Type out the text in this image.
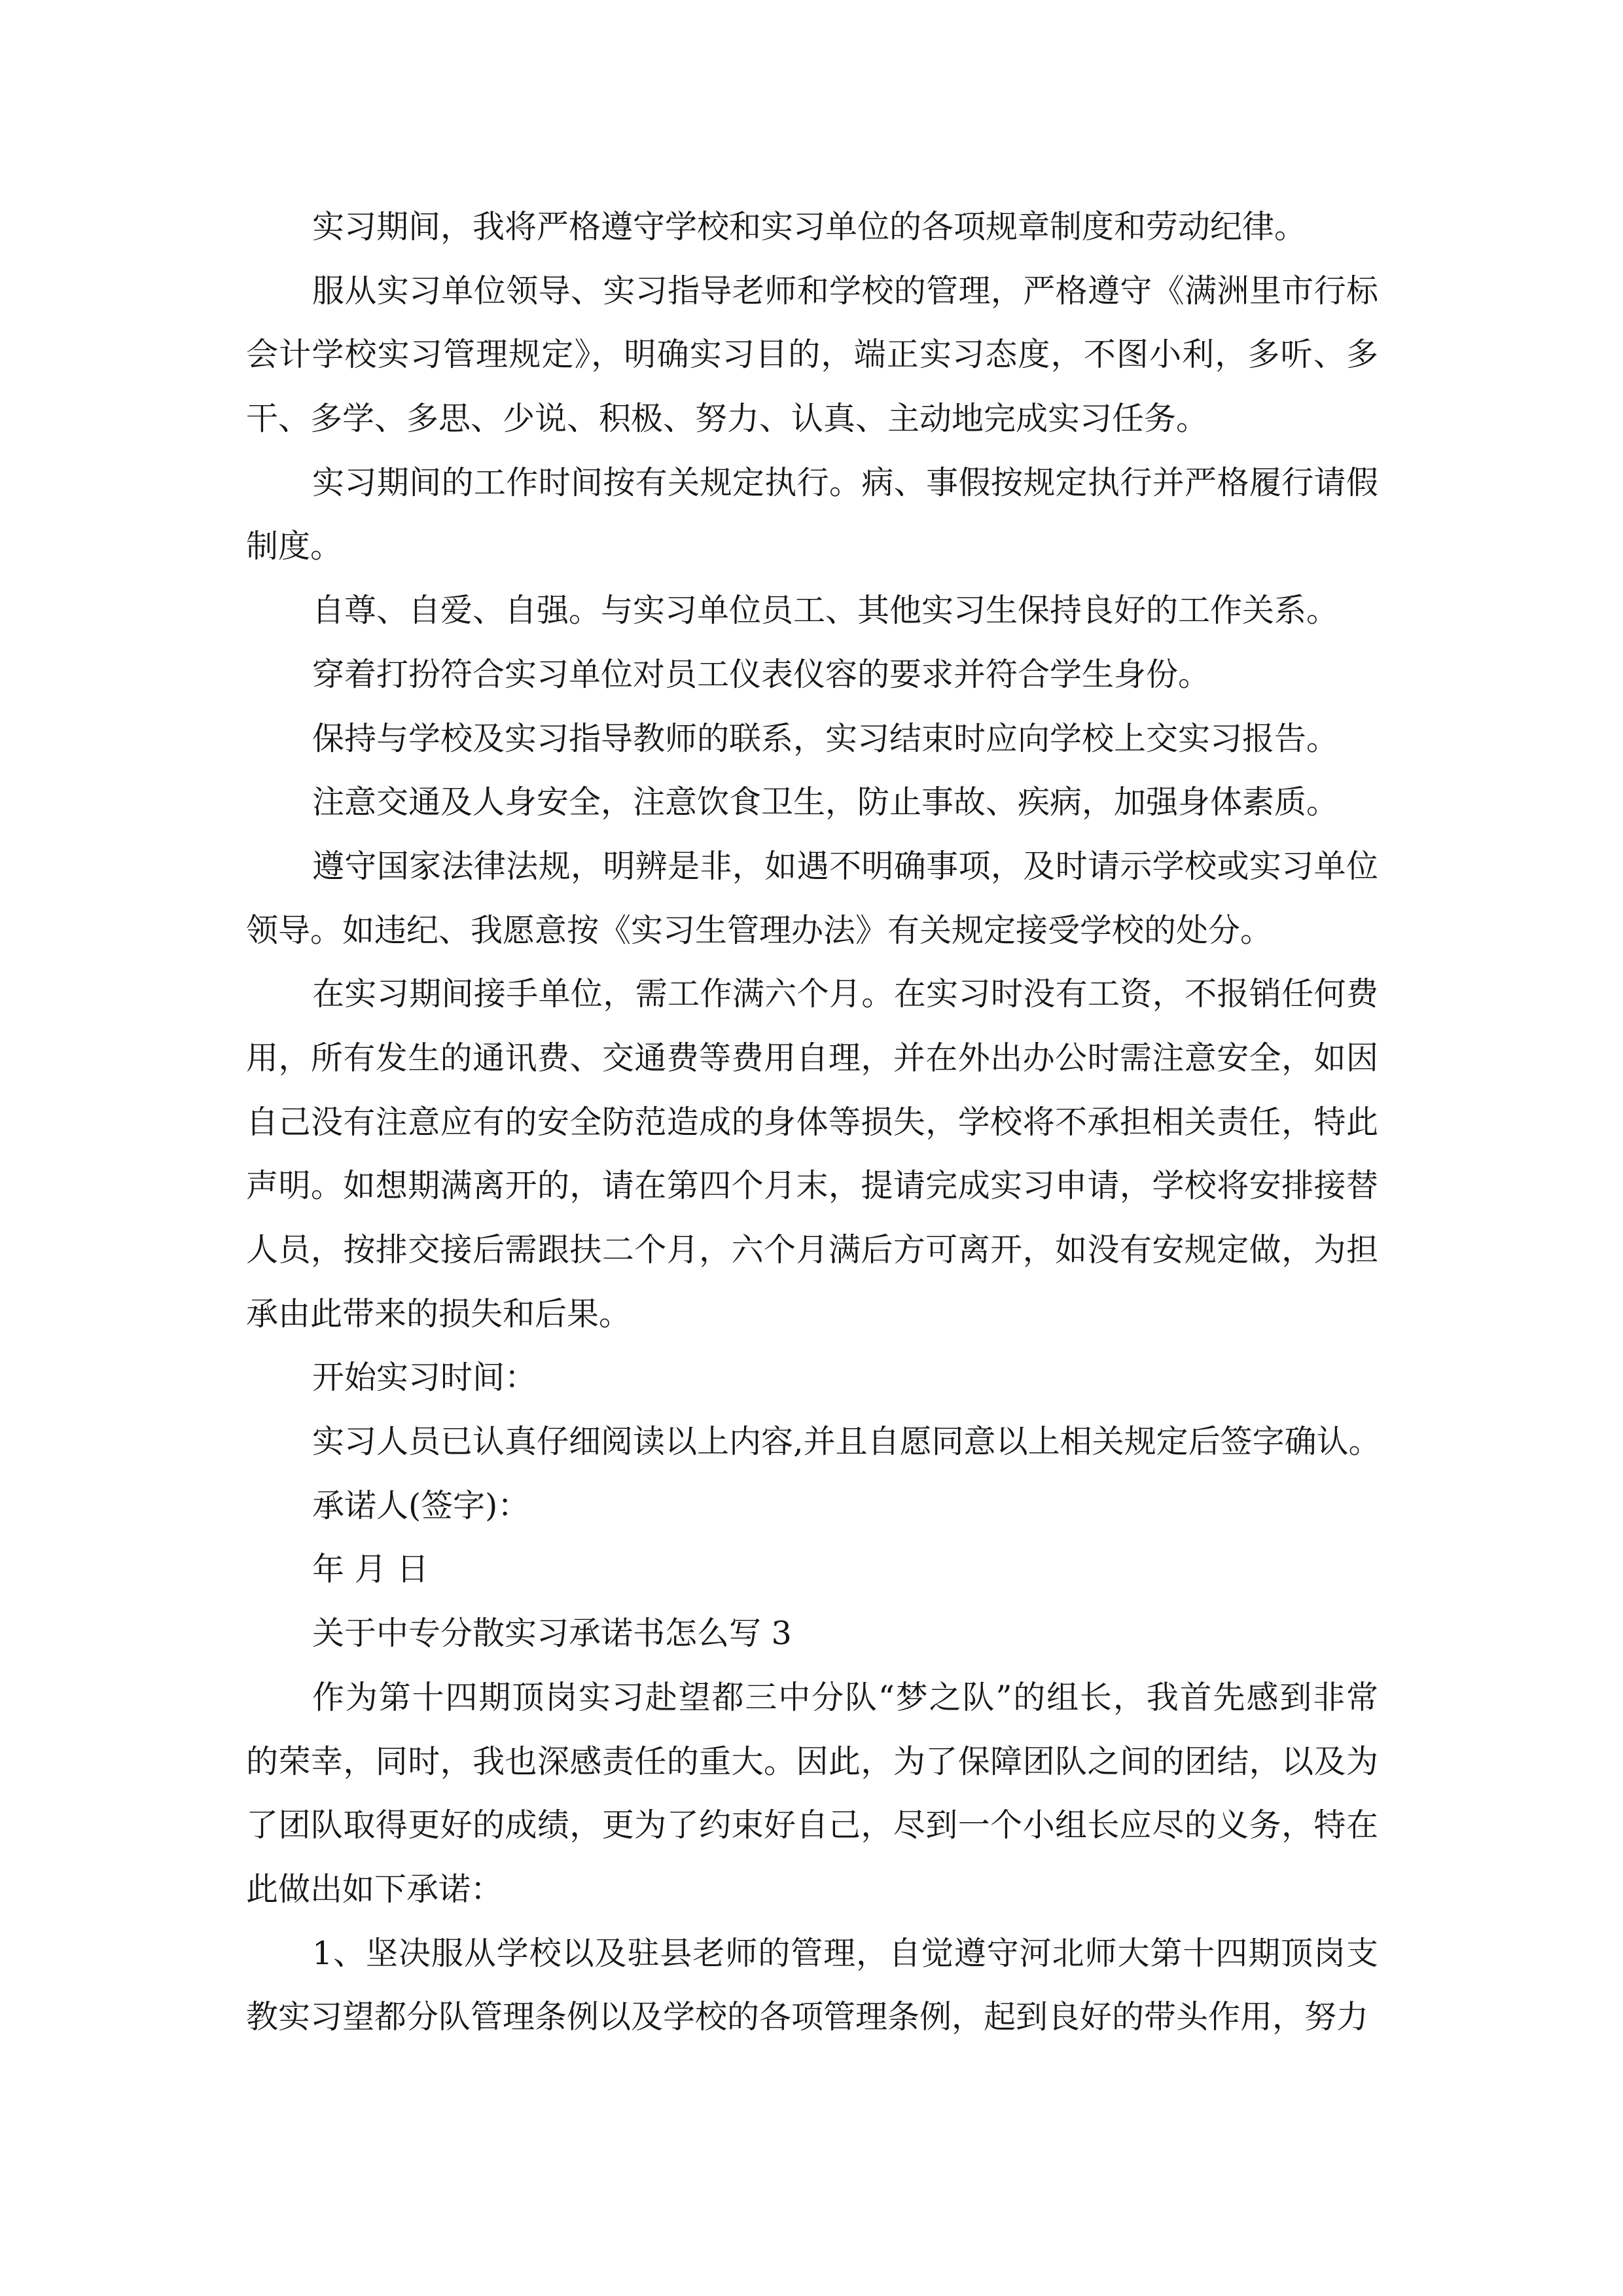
实习期间，我将严格遵守学校和实习单位的各项规章制度和劳动纪律。
服从实习单位领导、实习指导老师和学校的管理，严格遵守《满洲里市行标
会计学校实习管理规定》，明确实习目的，端正实习态度，不图小利，多听、多
干、多学、多思、少说、积极、努力、认真、主动地完成实习任务。
实习期间的工作时间按有关规定执行。病、事假按规定执行并严格履行请假
制度。
自尊、自爱、自强。与实习单位员工、其他实习生保持良好的工作关系。
穿着打扮符合实习单位对员工仪表仪容的要求并符合学生身份。
保持与学校及实习指导教师的联系，实习结束时应向学校上交实习报告。
注意交通及人身安全，注意饮食卫生，防止事故、疾病，加强身体素质。
遵守国家法律法规，明辨是非，如遇不明确事项，及时请示学校或实习单位
领导。如违纪、我愿意按《实习生管理办法》有关规定接受学校的处分。
在实习期间接手单位，需工作满六个月。在实习时没有工资，不报销任何费
用，所有发生的通讯费、交通费等费用自理，并在外出办公时需注意安全，如因
自己没有注意应有的安全防范造成的身体等损失，学校将不承担相关责任，特此
声明。如想期满离开的，请在第四个月末，提请完成实习申请，学校将安排接替
人员，按排交接后需跟扶二个月，六个月满后方可离开，如没有安规定做，为担
承由此带来的损失和后果。
开始实习时间：
实习人员已认真仔细阅读以上内容,并且自愿同意以上相关规定后签字确认。
承诺人(签字)：
年 月 日
关于中专分散实习承诺书怎么写 3
作为第十四期顶岗实习赴望都三中分队“梦之队”的组长，我首先感到非常
的荣幸，同时，我也深感责任的重大。因此，为了保障团队之间的团结，以及为
了团队取得更好的成绩，更为了约束好自己，尽到一个小组长应尽的义务，特在
此做出如下承诺：
1、坚决服从学校以及驻县老师的管理，自觉遵守河北师大第十四期顶岗支
教实习望都分队管理条例以及学校的各项管理条例，起到良好的带头作用，努力
